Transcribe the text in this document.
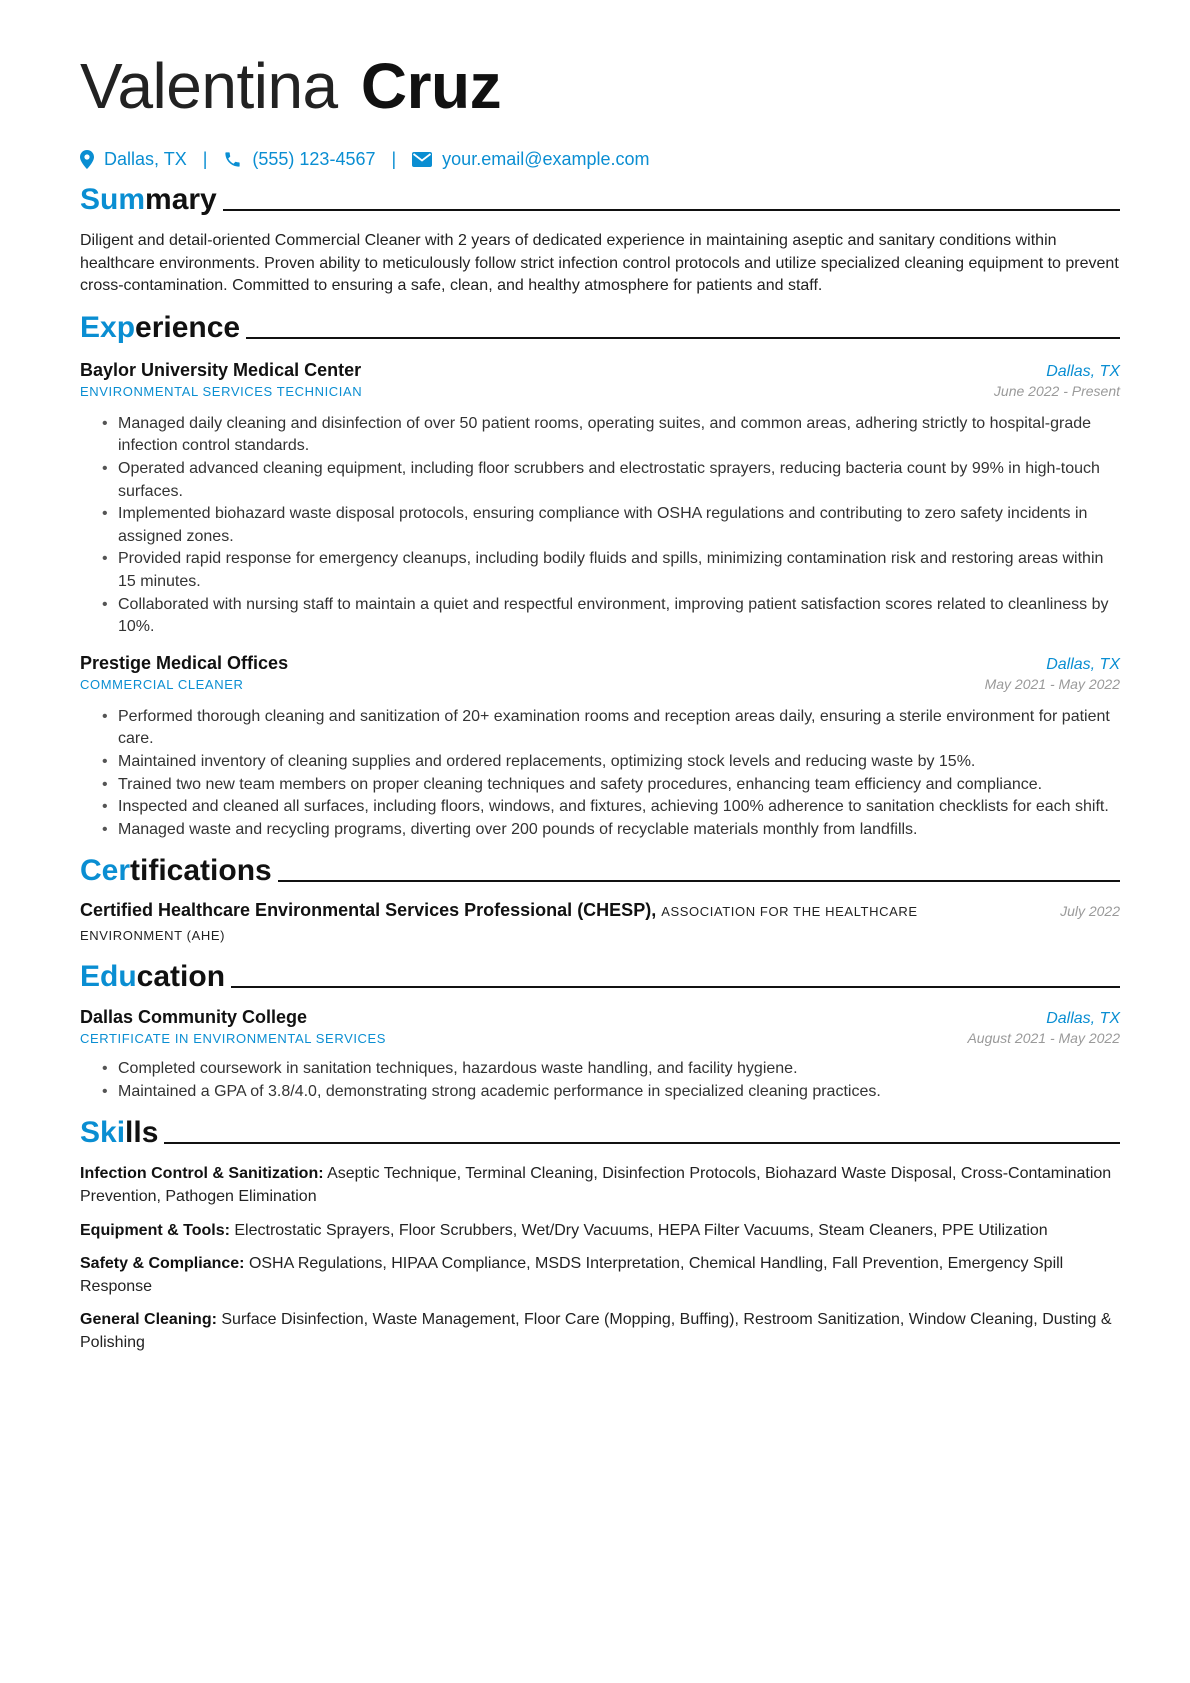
Valentina Cruz
Dallas, TX |	(555) 123-4567 |	your.email@example.com
Summary
Diligent and detail-oriented Commercial Cleaner with 2 years of dedicated experience in maintaining aseptic and sanitary conditions within healthcare environments. Proven ability to meticulously follow strict infection control protocols and utilize specialized cleaning equipment to prevent cross-contamination. Committed to ensuring a safe, clean, and healthy atmosphere for patients and staff.
Experience
Baylor University Medical Center	Dallas, TX
ENVIRONMENTAL SERVICES TECHNICIAN	June 2022 - Present
• Managed daily cleaning and disinfection of over 50 patient rooms, operating suites, and common areas, adhering strictly to hospital-grade infection control standards.
• Operated advanced cleaning equipment, including floor scrubbers and electrostatic sprayers, reducing bacteria count by 99% in high-touch surfaces.
• Implemented biohazard waste disposal protocols, ensuring compliance with OSHA regulations and contributing to zero safety incidents in assigned zones.
• Provided rapid response for emergency cleanups, including bodily fluids and spills, minimizing contamination risk and restoring areas within 15 minutes.
• Collaborated with nursing staff to maintain a quiet and respectful environment, improving patient satisfaction scores related to cleanliness by 10%.
Prestige Medical Offices	Dallas, TX
COMMERCIAL CLEANER	May 2021 - May 2022
• Performed thorough cleaning and sanitization of 20+ examination rooms and reception areas daily, ensuring a sterile environment for patient care.
• Maintained inventory of cleaning supplies and ordered replacements, optimizing stock levels and reducing waste by 15%.
• Trained two new team members on proper cleaning techniques and safety procedures, enhancing team efficiency and compliance.
• Inspected and cleaned all surfaces, including floors, windows, and fixtures, achieving 100% adherence to sanitation checklists for each shift.
• Managed waste and recycling programs, diverting over 200 pounds of recyclable materials monthly from landfills.
Certifications
Certified Healthcare Environmental Services Professional (CHESP), ASSOCIATION FOR THE HEALTHCARE ENVIRONMENT (AHE)
July 2022
Education
Dallas Community College	Dallas, TX
CERTIFICATE IN ENVIRONMENTAL SERVICES	August 2021 - May 2022
• Completed coursework in sanitation techniques, hazardous waste handling, and facility hygiene.
• Maintained a GPA of 3.8/4.0, demonstrating strong academic performance in specialized cleaning practices.
Skills
Infection Control & Sanitization: Aseptic Technique, Terminal Cleaning, Disinfection Protocols, Biohazard Waste Disposal, Cross-Contamination Prevention, Pathogen Elimination
Equipment & Tools: Electrostatic Sprayers, Floor Scrubbers, Wet/Dry Vacuums, HEPA Filter Vacuums, Steam Cleaners, PPE Utilization
Safety & Compliance: OSHA Regulations, HIPAA Compliance, MSDS Interpretation, Chemical Handling, Fall Prevention, Emergency Spill Response
General Cleaning: Surface Disinfection, Waste Management, Floor Care (Mopping, Buffing), Restroom Sanitization, Window Cleaning, Dusting & Polishing
